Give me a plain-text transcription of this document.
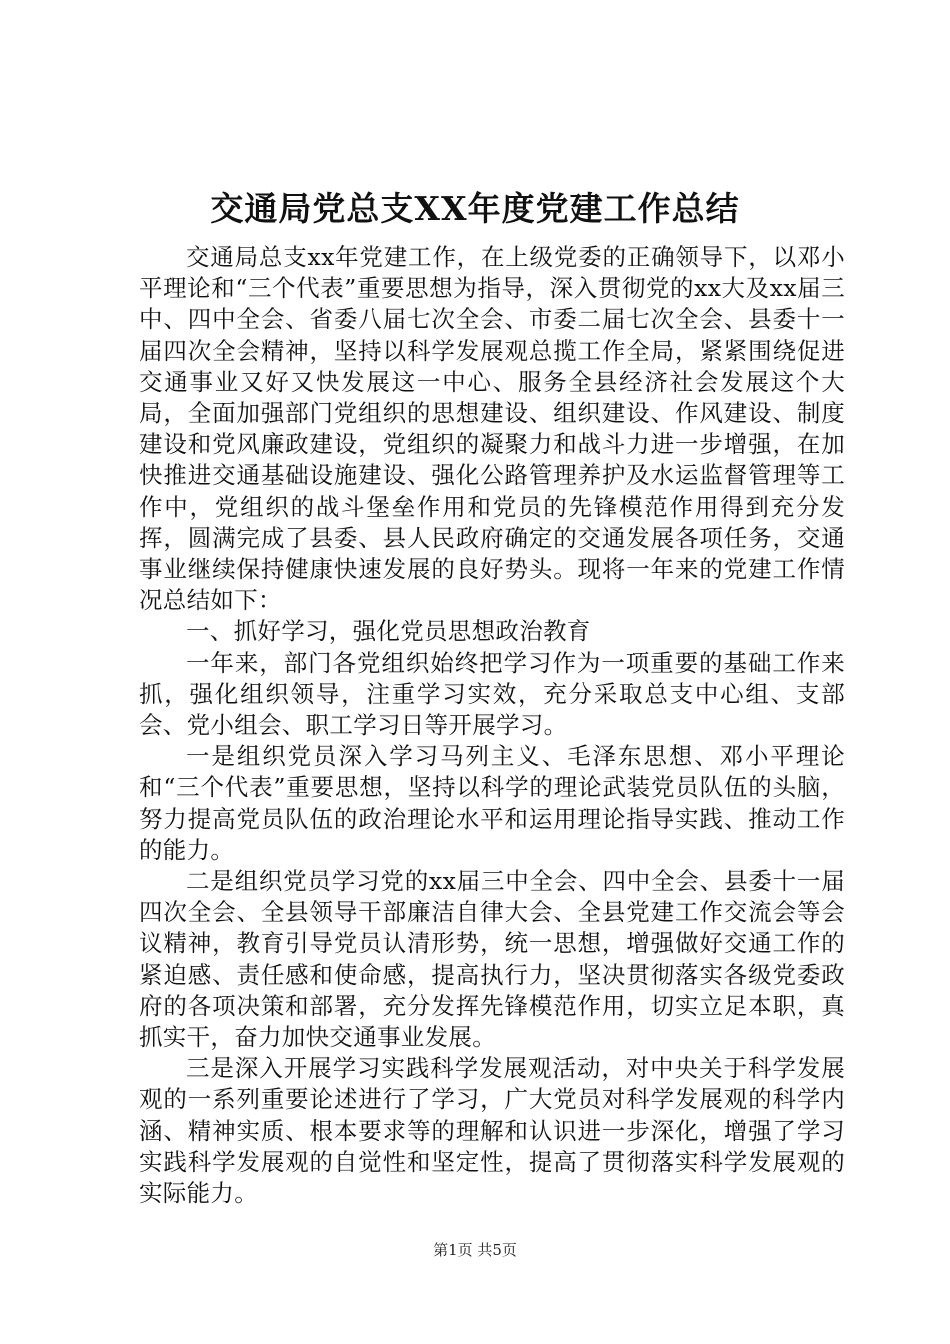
交通局党总支XX年度党建工作总结

交通局总支xx年党建工作，在上级党委的正确领导下，以邓小平理论和“三个代表”重要思想为指导，深入贯彻党的xx大及xx届三中、四中全会、省委八届七次全会、市委二届七次全会、县委十一届四次全会精神，坚持以科学发展观总揽工作全局，紧紧围绕促进交通事业又好又快发展这一中心、服务全县经济社会发展这个大局，全面加强部门党组织的思想建设、组织建设、作风建设、制度建设和党风廉政建设，党组织的凝聚力和战斗力进一步增强，在加快推进交通基础设施建设、强化公路管理养护及水运监督管理等工作中，党组织的战斗堡垒作用和党员的先锋模范作用得到充分发挥，圆满完成了县委、县人民政府确定的交通发展各项任务，交通事业继续保持健康快速发展的良好势头。现将一年来的党建工作情况总结如下：

一、抓好学习，强化党员思想政治教育

一年来，部门各党组织始终把学习作为一项重要的基础工作来抓，强化组织领导，注重学习实效，充分采取总支中心组、支部会、党小组会、职工学习日等开展学习。

一是组织党员深入学习马列主义、毛泽东思想、邓小平理论和“三个代表”重要思想，坚持以科学的理论武装党员队伍的头脑，努力提高党员队伍的政治理论水平和运用理论指导实践、推动工作的能力。

二是组织党员学习党的xx届三中全会、四中全会、县委十一届四次全会、全县领导干部廉洁自律大会、全县党建工作交流会等会议精神，教育引导党员认清形势，统一思想，增强做好交通工作的紧迫感、责任感和使命感，提高执行力，坚决贯彻落实各级党委政府的各项决策和部署，充分发挥先锋模范作用，切实立足本职，真抓实干，奋力加快交通事业发展。

三是深入开展学习实践科学发展观活动，对中央关于科学发展观的一系列重要论述进行了学习，广大党员对科学发展观的科学内涵、精神实质、根本要求等的理解和认识进一步深化，增强了学习实践科学发展观的自觉性和坚定性，提高了贯彻落实科学发展观的实际能力。

第1页 共5页
